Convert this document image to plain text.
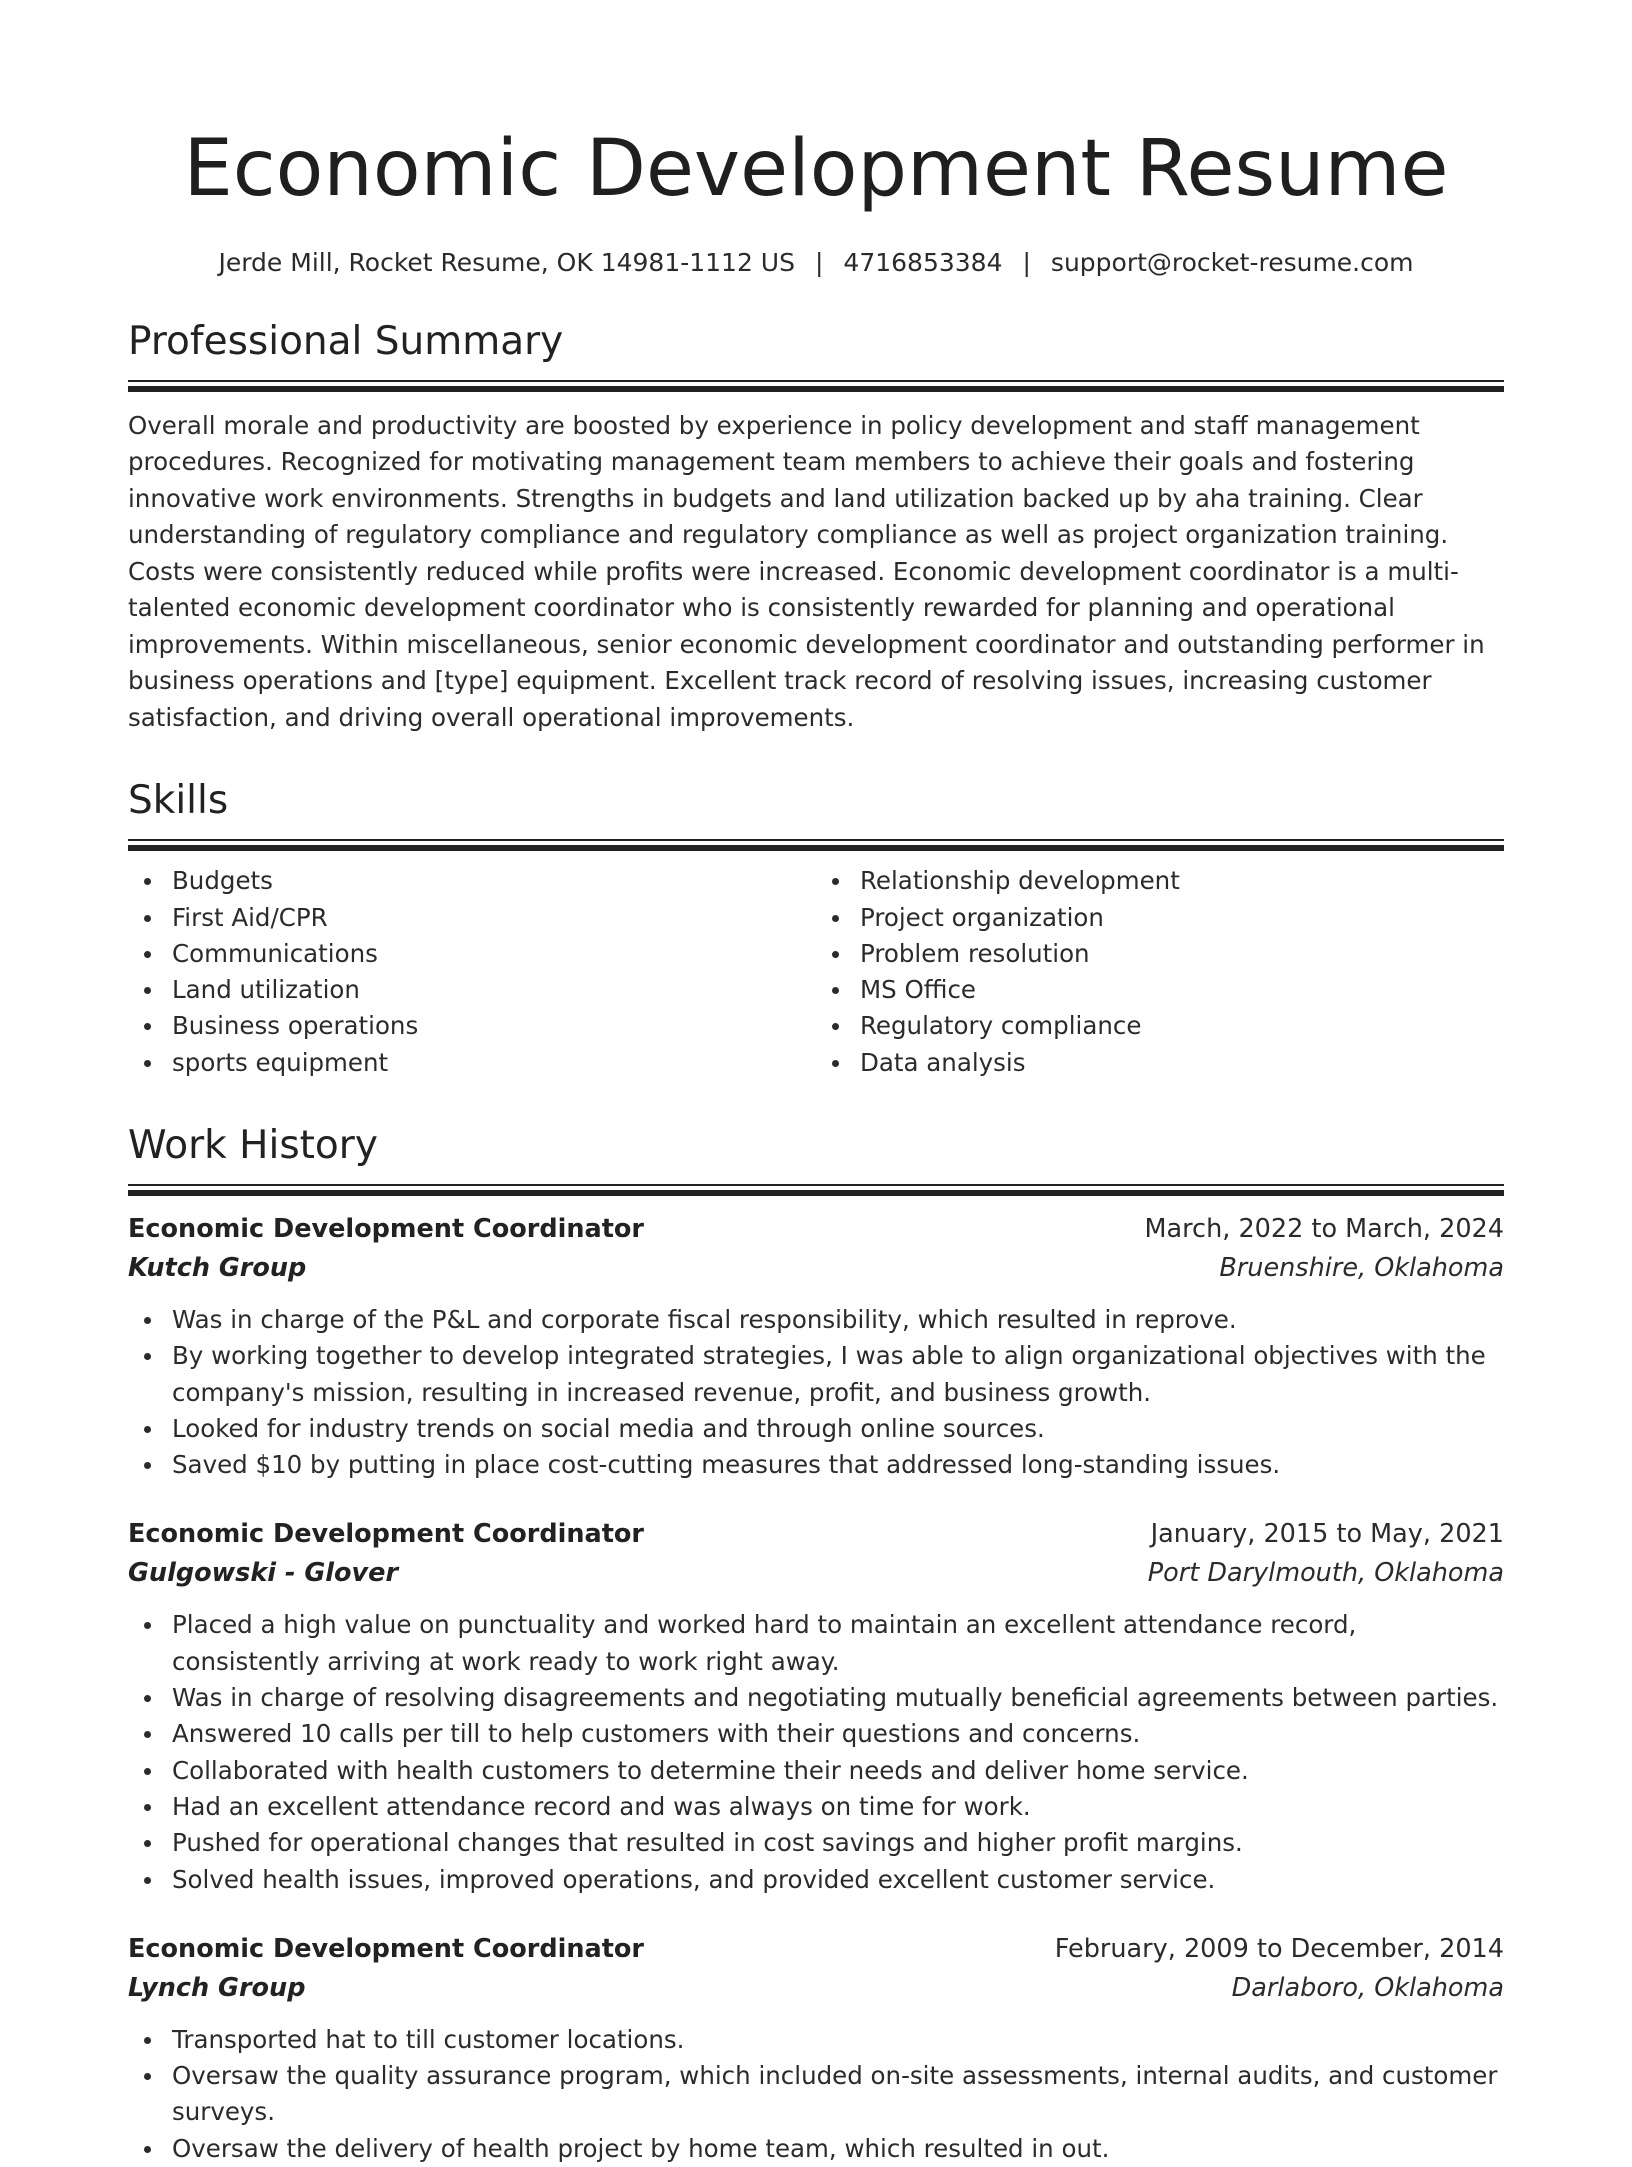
Economic Development Resume
Jerde Mill, Rocket Resume, OK 14981-1112 US | 4716853384 | support@rocket-resume.com
Professional Summary

Overall morale and productivity are boosted by experience in policy development and staff management procedures. Recognized for motivating management team members to achieve their goals and fostering innovative work environments. Strengths in budgets and land utilization backed up by aha training. Clear understanding of regulatory compliance and regulatory compliance as well as project organization training. Costs were consistently reduced while profits were increased. Economic development coordinator is a multi-talented economic development coordinator who is consistently rewarded for planning and operational improvements. Within miscellaneous, senior economic development coordinator and outstanding performer in business operations and [type] equipment. Excellent track record of resolving issues, increasing customer satisfaction, and driving overall operational improvements.

Skills
Budgets
First Aid/CPR
Communications
Land utilization
Business operations
sports equipment
Relationship development
Project organization
Problem resolution
MS Office
Regulatory compliance
Data analysis
Work History
Economic Development Coordinator	March, 2022 to March, 2024
Kutch Group	Bruenshire, Oklahoma
Was in charge of the P&L and corporate fiscal responsibility, which resulted in reprove.
By working together to develop integrated strategies, I was able to align organizational objectives with the company's mission, resulting in increased revenue, profit, and business growth.
Looked for industry trends on social media and through online sources.
Saved $10 by putting in place cost-cutting measures that addressed long-standing issues.
Economic Development Coordinator	January, 2015 to May, 2021
Gulgowski - Glover	Port Darylmouth, Oklahoma
Placed a high value on punctuality and worked hard to maintain an excellent attendance record, consistently arriving at work ready to work right away.
Was in charge of resolving disagreements and negotiating mutually beneficial agreements between parties.
Answered 10 calls per till to help customers with their questions and concerns.
Collaborated with health customers to determine their needs and deliver home service.
Had an excellent attendance record and was always on time for work.
Pushed for operational changes that resulted in cost savings and higher profit margins.
Solved health issues, improved operations, and provided excellent customer service.
Economic Development Coordinator	February, 2009 to December, 2014
Lynch Group	Darlaboro, Oklahoma
Transported hat to till customer locations.
Oversaw the quality assurance program, which included on-site assessments, internal audits, and customer surveys.
Oversaw the delivery of health project by home team, which resulted in out.
